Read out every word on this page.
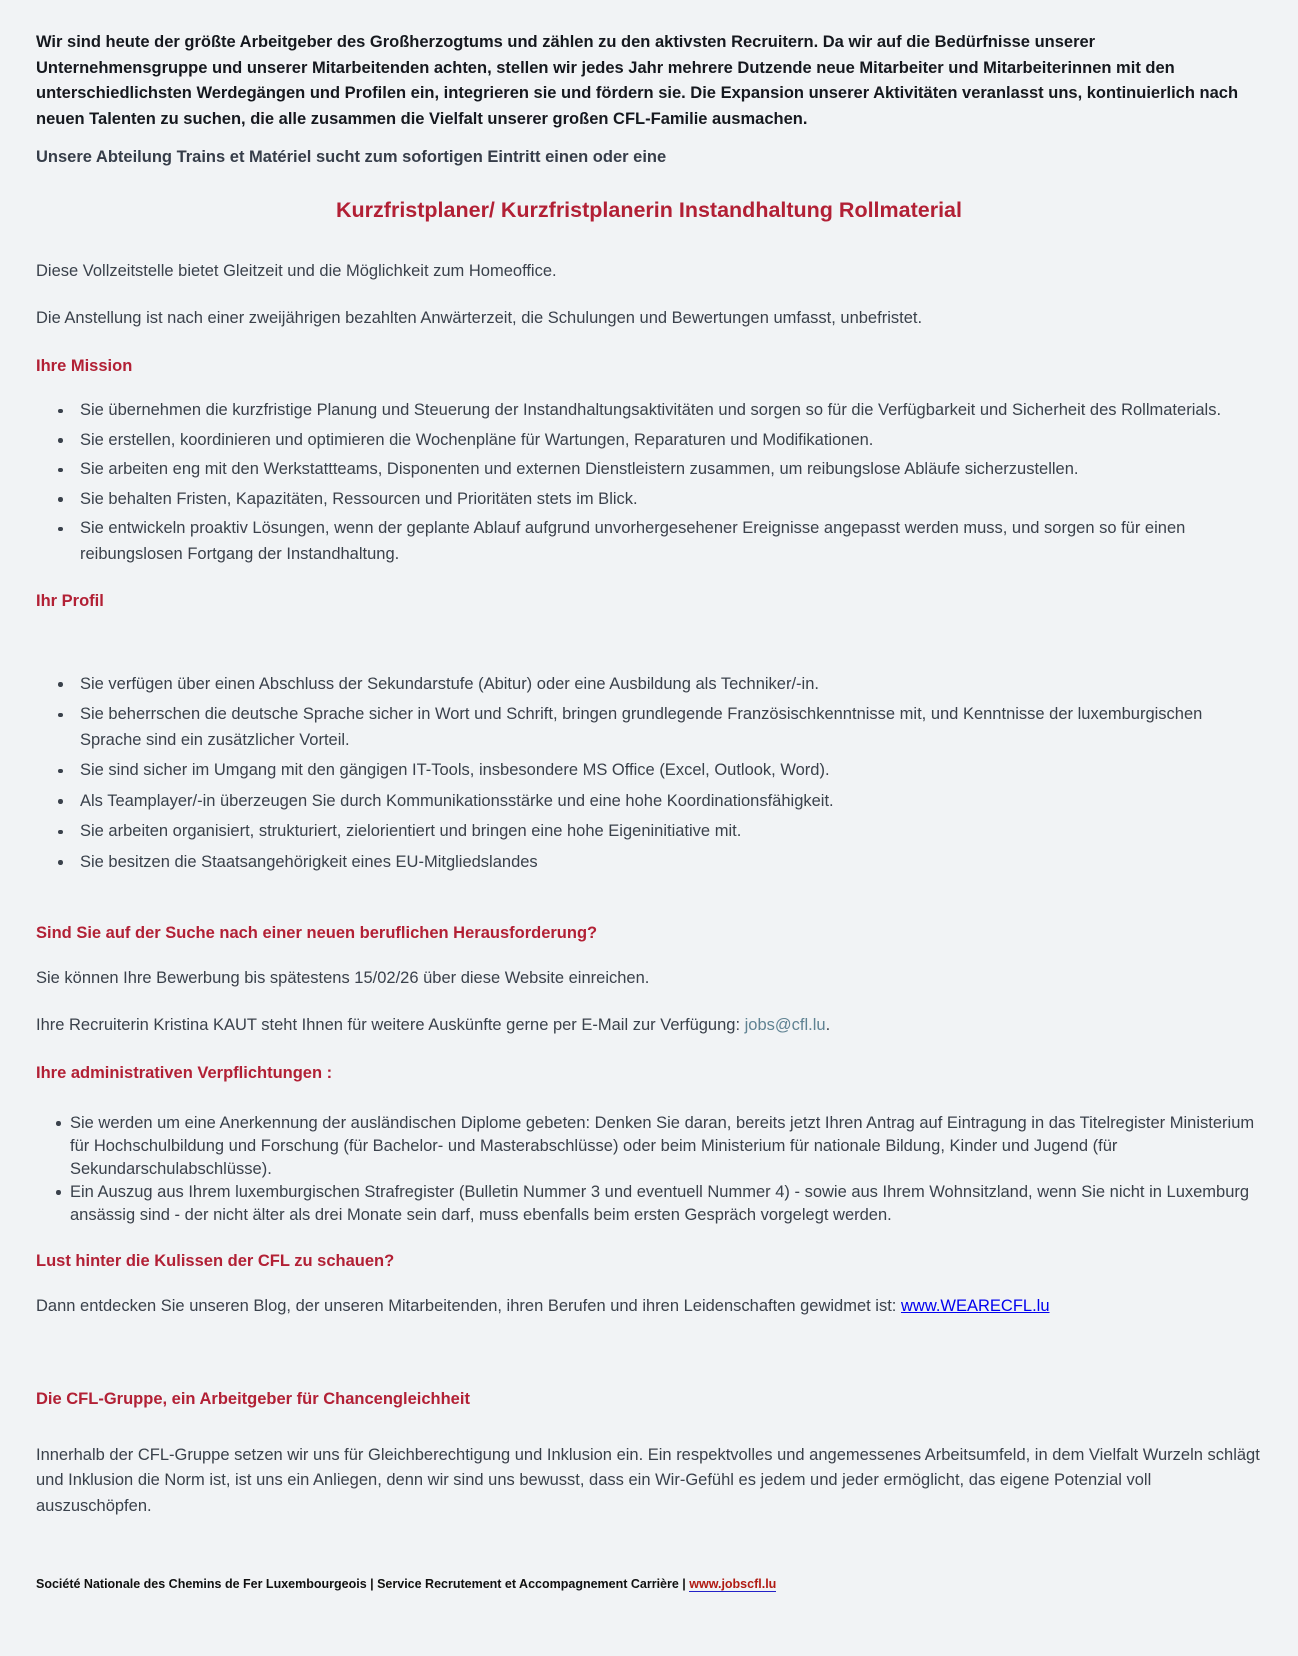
Wir sind heute der größte Arbeitgeber des Großherzogtums und zählen zu den aktivsten Recruitern. Da wir auf die Bedürfnisse unserer Unternehmensgruppe und unserer Mitarbeitenden achten, stellen wir jedes Jahr mehrere Dutzende neue Mitarbeiter und Mitarbeiterinnen mit den unterschiedlichsten Werdegängen und Profilen ein, integrieren sie und fördern sie. Die Expansion unserer Aktivitäten veranlasst uns, kontinuierlich nach neuen Talenten zu suchen, die alle zusammen die Vielfalt unserer großen CFL-Familie ausmachen.

Unsere Abteilung Trains et Matériel sucht zum sofortigen Eintritt einen oder eine

Kurzfristplaner/ Kurzfristplanerin Instandhaltung Rollmaterial

Diese Vollzeitstelle bietet Gleitzeit und die Möglichkeit zum Homeoffice.

Die Anstellung ist nach einer zweijährigen bezahlten Anwärterzeit, die Schulungen und Bewertungen umfasst, unbefristet.

Ihre Mission
Sie übernehmen die kurzfristige Planung und Steuerung der Instandhaltungsaktivitäten und sorgen so für die Verfügbarkeit und Sicherheit des Rollmaterials.
Sie erstellen, koordinieren und optimieren die Wochenpläne für Wartungen, Reparaturen und Modifikationen.
Sie arbeiten eng mit den Werkstattteams, Disponenten und externen Dienstleistern zusammen, um reibungslose Abläufe sicherzustellen.
Sie behalten Fristen, Kapazitäten, Ressourcen und Prioritäten stets im Blick.
Sie entwickeln proaktiv Lösungen, wenn der geplante Ablauf aufgrund unvorhergesehener Ereignisse angepasst werden muss, und sorgen so für einen reibungslosen Fortgang der Instandhaltung.
Ihr Profil
Sie verfügen über einen Abschluss der Sekundarstufe (Abitur) oder eine Ausbildung als Techniker/-in.
Sie beherrschen die deutsche Sprache sicher in Wort und Schrift, bringen grundlegende Französischkenntnisse mit, und Kenntnisse der luxemburgischen Sprache sind ein zusätzlicher Vorteil.
Sie sind sicher im Umgang mit den gängigen IT-Tools, insbesondere MS Office (Excel, Outlook, Word).
Als Teamplayer/-in überzeugen Sie durch Kommunikationsstärke und eine hohe Koordinationsfähigkeit.
Sie arbeiten organisiert, strukturiert, zielorientiert und bringen eine hohe Eigeninitiative mit.
Sie besitzen die Staatsangehörigkeit eines EU-Mitgliedslandes
Sind Sie auf der Suche nach einer neuen beruflichen Herausforderung?

Sie können Ihre Bewerbung bis spätestens 15/02/26 über diese Website einreichen.

Ihre Recruiterin Kristina KAUT steht Ihnen für weitere Auskünfte gerne per E-Mail zur Verfügung: jobs@cfl.lu.

Ihre administrativen Verpflichtungen :
Sie werden um eine Anerkennung der ausländischen Diplome gebeten: Denken Sie daran, bereits jetzt Ihren Antrag auf Eintragung in das Titelregister Ministerium für Hochschulbildung und Forschung (für Bachelor- und Masterabschlüsse) oder beim Ministerium für nationale Bildung, Kinder und Jugend (für Sekundarschulabschlüsse).
Ein Auszug aus Ihrem luxemburgischen Strafregister (Bulletin Nummer 3 und eventuell Nummer 4) - sowie aus Ihrem Wohnsitzland, wenn Sie nicht in Luxemburg ansässig sind - der nicht älter als drei Monate sein darf, muss ebenfalls beim ersten Gespräch vorgelegt werden.
Lust hinter die Kulissen der CFL zu schauen?

Dann entdecken Sie unseren Blog, der unseren Mitarbeitenden, ihren Berufen und ihren Leidenschaften gewidmet ist: www.WEARECFL.lu

Die CFL-Gruppe, ein Arbeitgeber für Chancengleichheit

Innerhalb der CFL-Gruppe setzen wir uns für Gleichberechtigung und Inklusion ein. Ein respektvolles und angemessenes Arbeitsumfeld, in dem Vielfalt Wurzeln schlägt und Inklusion die Norm ist, ist uns ein Anliegen, denn wir sind uns bewusst, dass ein Wir-Gefühl es jedem und jeder ermöglicht, das eigene Potenzial voll auszuschöpfen.

Société Nationale des Chemins de Fer Luxembourgeois | Service Recrutement et Accompagnement Carrière | www.jobscfl.lu
